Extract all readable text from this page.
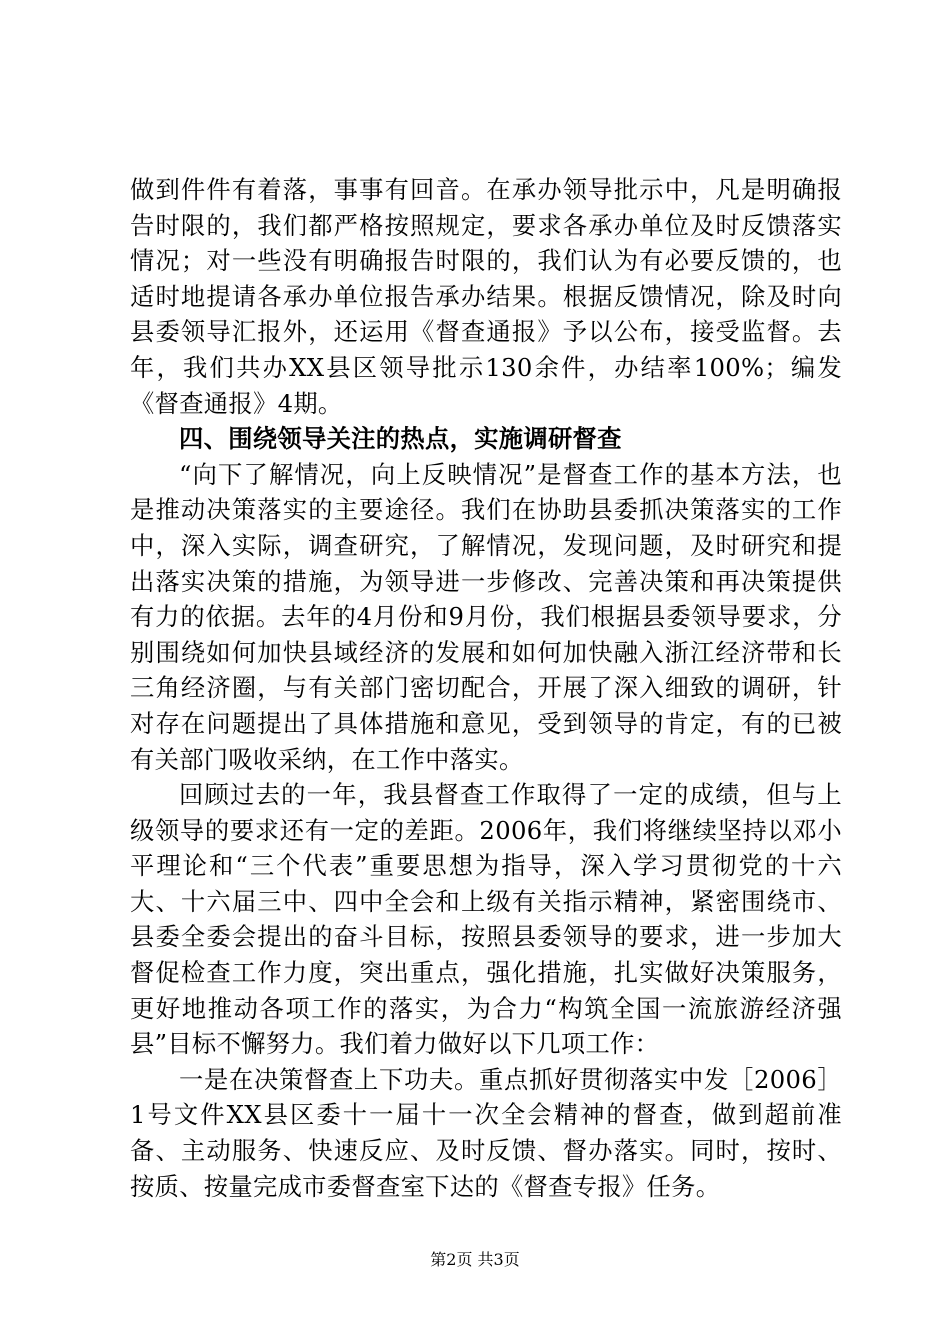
做到件件有着落，事事有回音。在承办领导批示中，凡是明确报告时限的，我们都严格按照规定，要求各承办单位及时反馈落实情况；对一些没有明确报告时限的，我们认为有必要反馈的，也适时地提请各承办单位报告承办结果。根据反馈情况，除及时向县委领导汇报外，还运用《督查通报》予以公布，接受监督。去年，我们共办XX县区领导批示130余件，办结率100%；编发《督查通报》4期。

四、围绕领导关注的热点，实施调研督查

“向下了解情况，向上反映情况”是督查工作的基本方法，也是推动决策落实的主要途径。我们在协助县委抓决策落实的工作中，深入实际，调查研究，了解情况，发现问题，及时研究和提出落实决策的措施，为领导进一步修改、完善决策和再决策提供有力的依据。去年的4月份和9月份，我们根据县委领导要求，分别围绕如何加快县域经济的发展和如何加快融入浙江经济带和长三角经济圈，与有关部门密切配合，开展了深入细致的调研，针对存在问题提出了具体措施和意见，受到领导的肯定，有的已被有关部门吸收采纳，在工作中落实。

回顾过去的一年，我县督查工作取得了一定的成绩，但与上级领导的要求还有一定的差距。2006年，我们将继续坚持以邓小平理论和“三个代表”重要思想为指导，深入学习贯彻党的十六大、十六届三中、四中全会和上级有关指示精神，紧密围绕市、县委全委会提出的奋斗目标，按照县委领导的要求，进一步加大督促检查工作力度，突出重点，强化措施，扎实做好决策服务，更好地推动各项工作的落实，为合力“构筑全国一流旅游经济强县”目标不懈努力。我们着力做好以下几项工作：

一是在决策督查上下功夫。重点抓好贯彻落实中发［2006］1号文件XX县区委十一届十一次全会精神的督查，做到超前准备、主动服务、快速反应、及时反馈、督办落实。同时，按时、按质、按量完成市委督查室下达的《督查专报》任务。

第2页 共3页
